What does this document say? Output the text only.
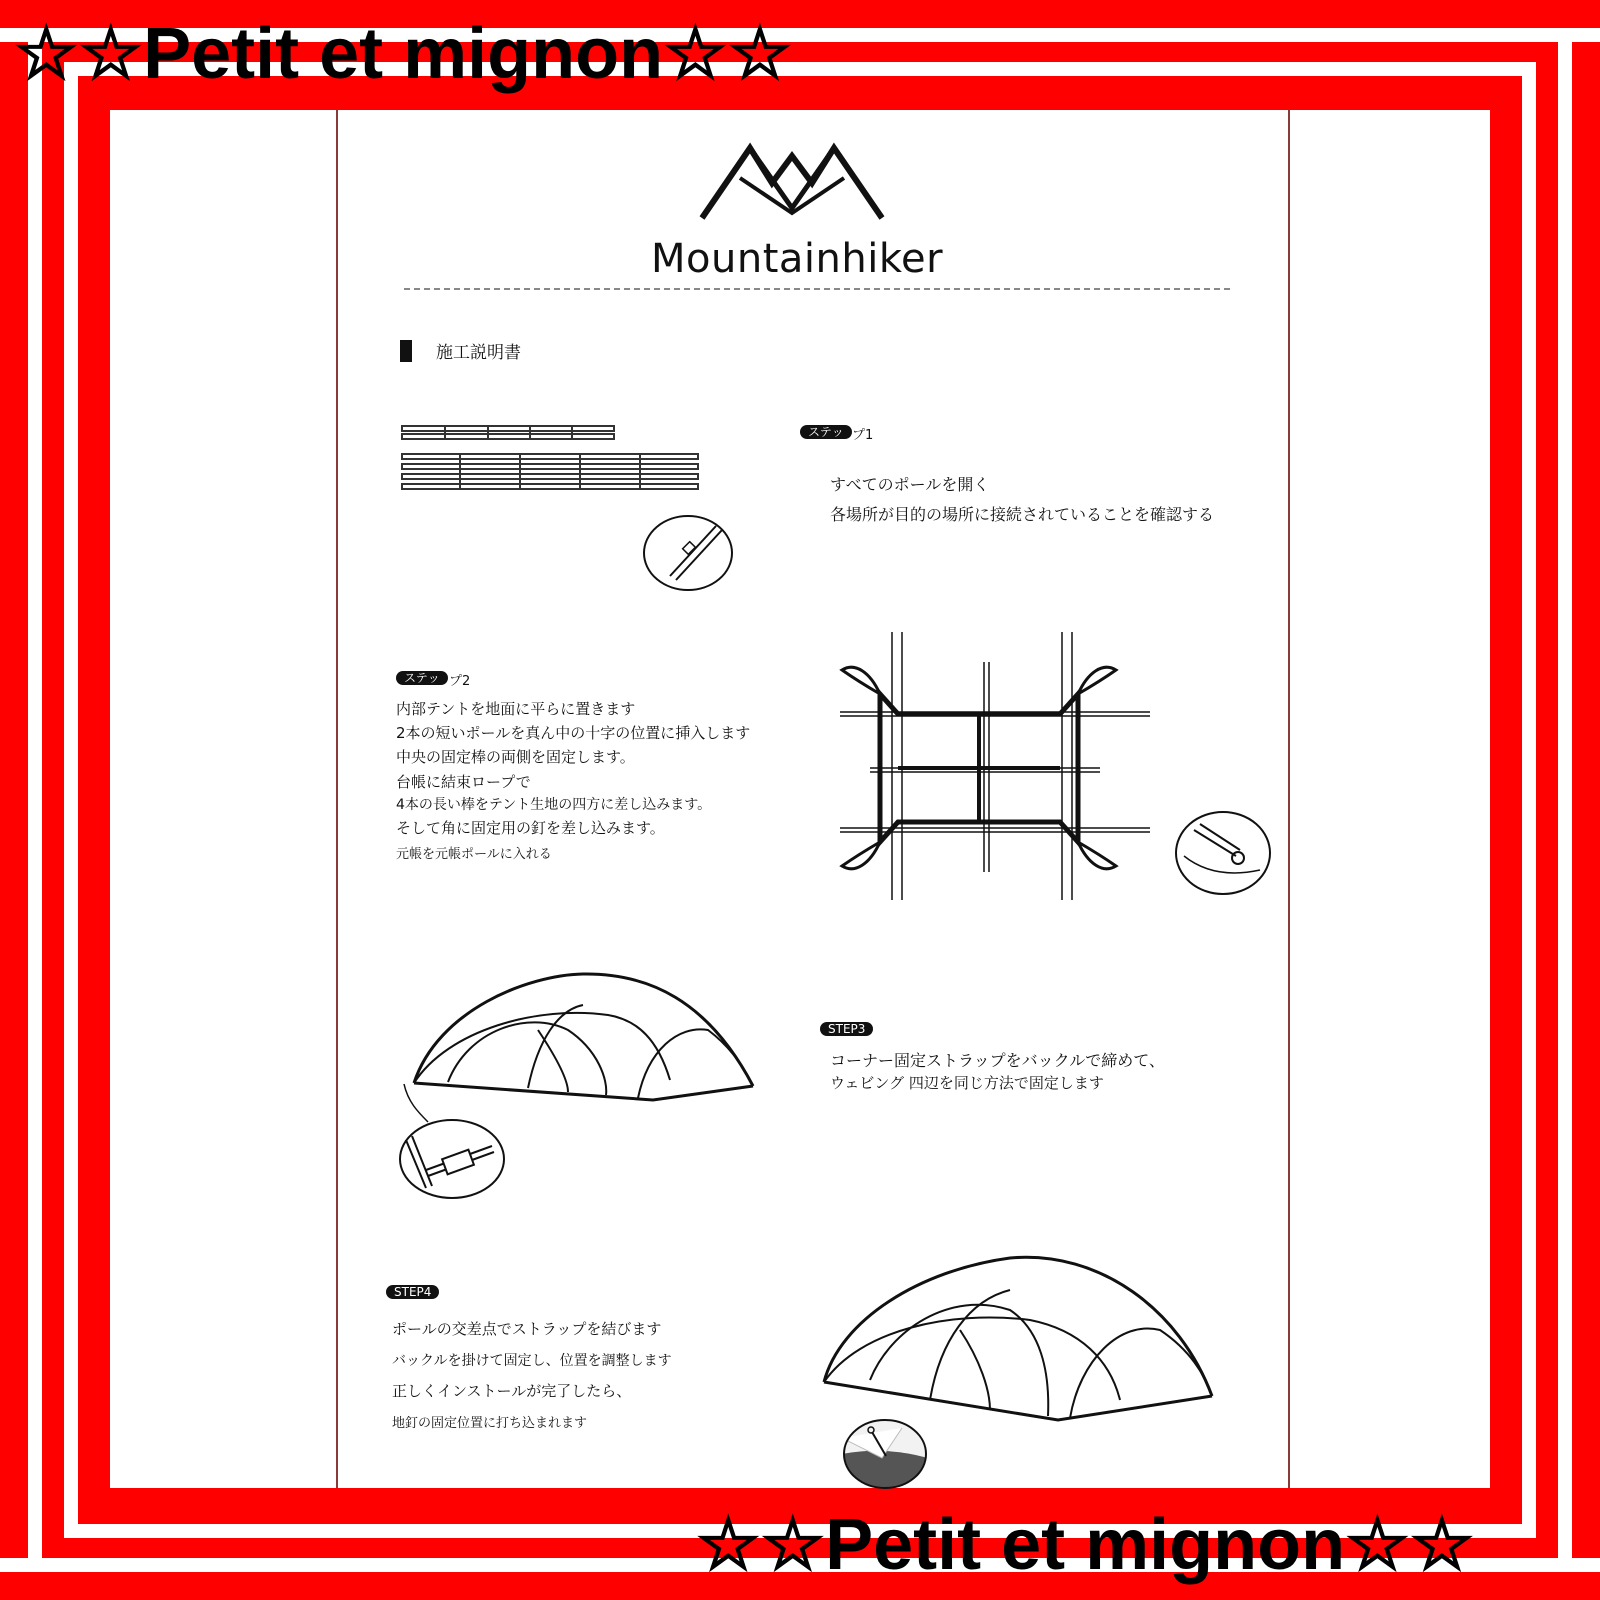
☆☆Petit et mignon☆☆
☆☆Petit et mignon☆☆
Mountainhiker
施工説明書
ステッ プ1
すべてのポールを開く
各場所が目的の場所に接続されていることを確認する
ステッ プ2
内部テントを地面に平らに置きます
2本の短いポールを真ん中の十字の位置に挿入します
中央の固定棒の両側を固定します。
台帳に結束ロープで
4本の長い棒をテント生地の四方に差し込みます。
そして角に固定用の釘を差し込みます。
元帳を元帳ポールに入れる
STEP3
コーナー固定ストラップをバックルで締めて、
ウェビング 四辺を同じ方法で固定します
STEP4
ポールの交差点でストラップを結びます
バックルを掛けて固定し、位置を調整します
正しくインストールが完了したら、
地釘の固定位置に打ち込まれます
